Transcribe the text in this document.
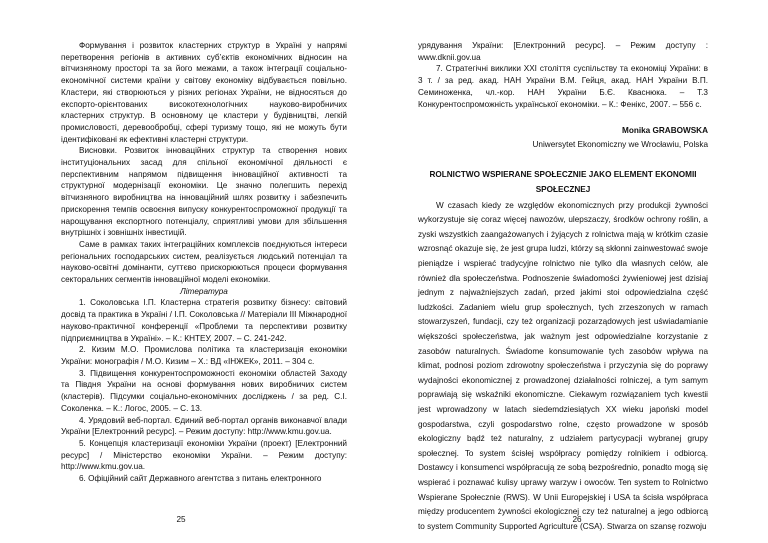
Формування і розвиток кластерних структур в Україні у напрямі перетворення регіонів в активних суб’єктів економічних відносин на вітчизняному просторі та за його межами, а також інтеграції соціально-економічної системи країни у світову економіку відбувається повільно. Кластери, які створюються у різних регіонах України, не відносяться до експорто-орієнтованих високотехнологічних науково-виробничих кластерних структур. В основному це кластери у будівництві, легкій промисловості, деревообробці, сфері туризму тощо, які не можуть бути ідентифіковані як ефективні кластерні структури.

Висновки. Розвиток інноваційних структур та створення нових інституціональних засад для спільної економічної діяльності є перспективним напрямом підвищення інноваційної активності та структурної модернізації економіки. Це значно полегшить перехід вітчизняного виробництва на інноваційний шлях розвитку і забезпечить прискорення темпів освоєння випуску конкурентоспроможної продукції та нарощування експортного потенціалу, сприятливі умови для збільшення внутрішніх і зовнішніх інвестицій.

Саме в рамках таких інтеграційних комплексів поєднуються інтереси регіональних господарських систем, реалізується людський потенціал та науково-освітні домінанти, суттєво прискорюються процеси формування секторальних сегментів інноваційної моделі економіки.

Література

1. Соколовська І.П. Кластерна стратегія розвитку бізнесу: світовий досвід та практика в Україні / І.П. Соколовська // Матеріали ІІІ Міжнародної науково-практичної конференції «Проблеми та перспективи розвитку підприємництва в Україні». – К.: КНТЕУ, 2007. – С. 241-242.

2. Кизим М.О. Промислова політика та кластеризація економіки України: монографія / М.О. Кизим – Х.: ВД «ІНЖЕК», 2011. – 304 с.

3. Підвищення конкурентоспроможності економіки областей Заходу та Півдня України на основі формування нових виробничих систем (кластерів). Підсумки соціально-економічних досліджень / за ред. С.І. Соколенка. – К.: Логос, 2005. – С. 13.

4. Урядовий веб-портал. Єдиний веб-портал органів виконавчої влади України [Електронний ресурс]. – Режим доступу: http://www.kmu.gov.ua.

5. Концепція кластеризації економіки України (проект) [Електронний ресурс] / Міністерство економіки України. – Режим доступу: http://www.kmu.gov.ua.

6. Офіційний сайт Державного агентства з питань електронного

25

урядування України: [Електронний ресурс]. – Режим доступу : www.dknii.gov.ua

7. Стратегічні виклики XXI століття суспільству та економіці України: в 3 т. / за ред. акад. НАН України В.М. Гейця, акад. НАН України В.П. Семиноженка, чл.-кор. НАН України Б.Є. Кваснюка. – Т.3 Конкурентоспроможність української економіки. – К.: Фенікс, 2007. – 556 с.

Monika GRABOWSKA

Uniwersytet Ekonomiczny we Wrocławiu, Polska

ROLNICTWO WSPIERANE SPOŁECZNIE JAKO ELEMENT EKONOMII SPOŁECZNEJ

W czasach kiedy ze względów ekonomicznych przy produkcji żywności wykorzystuje się coraz więcej nawozów, ulepszaczy, środków ochrony roślin, a zyski wszystkich zaangażowanych i żyjących z rolnictwa mają w krótkim czasie wzrosnąć okazuje się, że jest grupa ludzi, którzy są skłonni zainwestować swoje pieniądze i wspierać tradycyjne rolnictwo nie tylko dla własnych celów, ale również dla społeczeństwa. Podnoszenie świadomości żywieniowej jest dzisiaj jednym z najważniejszych zadań, przed jakimi stoi odpowiedzialna część ludzkości. Zadaniem wielu grup społecznych, tych zrzeszonych w ramach stowarzyszeń, fundacji, czy też organizacji pozarządowych jest uświadamianie większości społeczeństwa, jak ważnym jest odpowiedzialne korzystanie z zasobów naturalnych. Świadome konsumowanie tych zasobów wpływa na klimat, podnosi poziom zdrowotny społeczeństwa i przyczynia się do poprawy wydajności ekonomicznej z prowadzonej działalności rolniczej, a tym samym poprawiają się wskaźniki ekonomiczne. Ciekawym rozwiązaniem tych kwestii jest wprowadzony w latach siedemdziesiątych XX wieku japoński model gospodarstwa, czyli gospodarstwo rolne, często prowadzone w sposób ekologiczny bądź też naturalny, z udziałem partycypacji wybranej grupy społecznej. To system ścisłej współpracy pomiędzy rolnikiem i odbiorcą. Dostawcy i konsumenci współpracują ze sobą bezpośrednio, ponadto mogą się wspierać i poznawać kulisy uprawy warzyw i owoców. Ten system to Rolnictwo Wspierane Społecznie (RWS). W Unii Europejskiej i USA ta ścisła współpraca między producentem żywności ekologicznej czy też naturalnej a jego odbiorcą to system Community Supported Agriculture (CSA). Stwarza on szansę rozwoju

26
